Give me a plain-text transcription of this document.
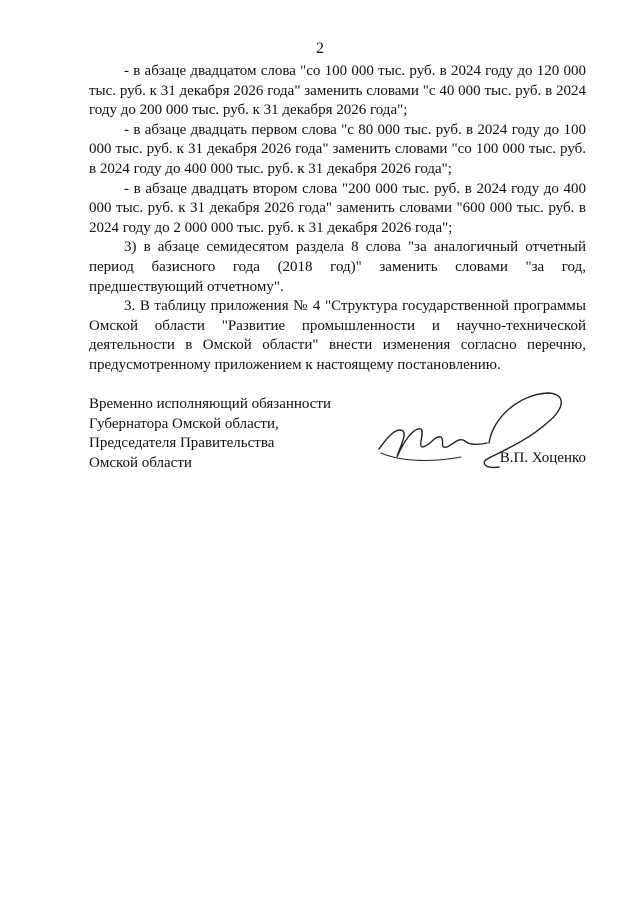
2

- в абзаце двадцатом слова "со 100 000 тыс. руб. в 2024 году до 120 000 тыс. руб. к 31 декабря 2026 года" заменить словами "с 40 000 тыс. руб. в 2024 году до 200 000 тыс. руб. к 31 декабря 2026 года";

- в абзаце двадцать первом слова "с 80 000 тыс. руб. в 2024 году до 100 000 тыс. руб. к 31 декабря 2026 года" заменить словами "со 100 000 тыс. руб. в 2024 году до 400 000 тыс. руб. к 31 декабря 2026 года";

- в абзаце двадцать втором слова "200 000 тыс. руб. в 2024 году до 400 000 тыс. руб. к 31 декабря 2026 года" заменить словами "600 000 тыс. руб. в 2024 году до 2 000 000 тыс. руб. к 31 декабря 2026 года";

3) в абзаце семидесятом раздела 8 слова "за аналогичный отчетный период базисного года (2018 год)" заменить словами "за год, предшествующий отчетному".

3. В таблицу приложения № 4 "Структура государственной программы Омской области "Развитие промышленности и научно-технической деятельности в Омской области" внести изменения согласно перечню, предусмотренному приложением к настоящему постановлению.

Временно исполняющий обязанности
Губернатора Омской области,
Председателя Правительства
Омской области	В.П. Хоценко
